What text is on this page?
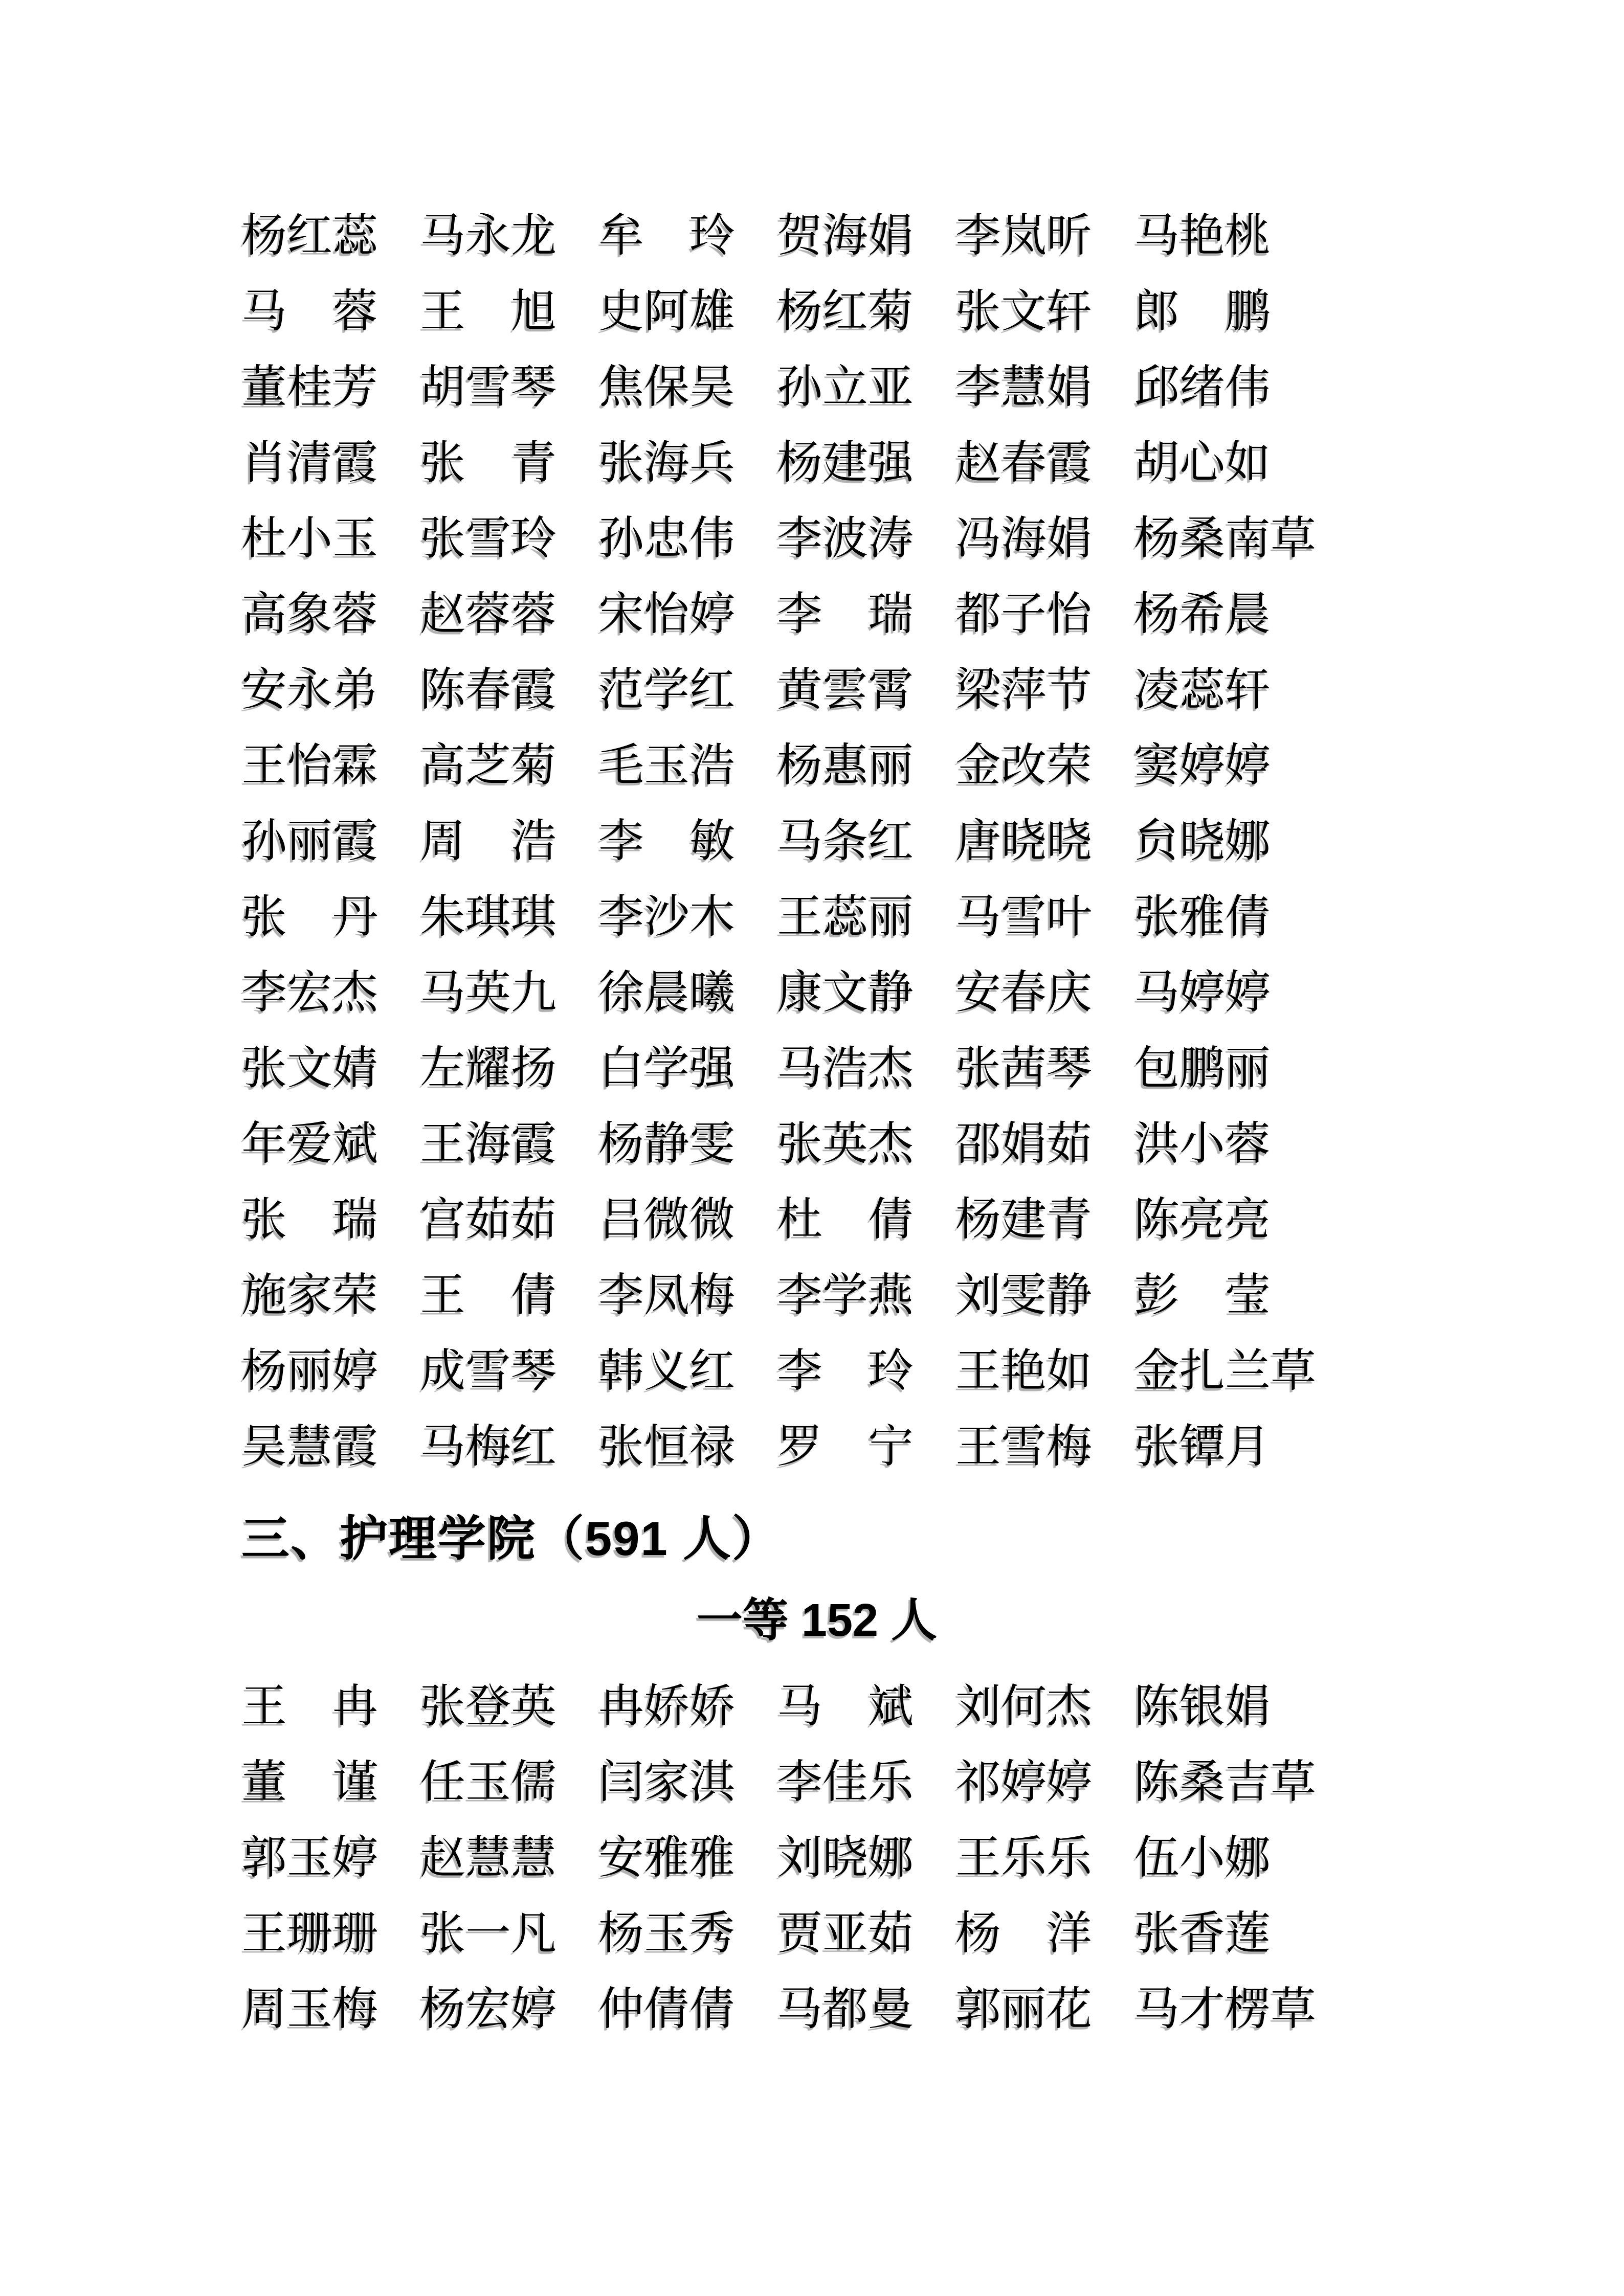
杨红蕊 马永龙 牟 玲 贺海娟 李岚昕 马艳桃
马 蓉 王 旭 史阿雄 杨红菊 张文轩 郎 鹏
董桂芳 胡雪琴 焦保吴 孙立亚 李慧娟 邱绪伟
肖清霞 张 青 张海兵 杨建强 赵春霞 胡心如
杜小玉 张雪玲 孙忠伟 李波涛 冯海娟 杨桑南草
高象蓉 赵蓉蓉 宋怡婷 李 瑞 都子怡 杨希晨
安永弟 陈春霞 范学红 黄雲霄 梁萍节 凌蕊轩
王怡霖 高芝菊 毛玉浩 杨惠丽 金改荣 窦婷婷
孙丽霞 周 浩 李 敏 马条红 唐晓晓 贠晓娜
张 丹 朱琪琪 李沙木 王蕊丽 马雪叶 张雅倩
李宏杰 马英九 徐晨曦 康文静 安春庆 马婷婷
张文婧 左耀扬 白学强 马浩杰 张茜琴 包鹏丽
年爱斌 王海霞 杨静雯 张英杰 邵娟茹 洪小蓉
张 瑞 宫茹茹 吕微微 杜 倩 杨建青 陈亮亮
施家荣 王 倩 李凤梅 李学燕 刘雯静 彭 莹
杨丽婷 成雪琴 韩义红 李 玲 王艳如 金扎兰草
吴慧霞 马梅红 张恒禄 罗 宁 王雪梅 张镡月
三、护理学院（591 人）
一等 152 人
王 冉 张登英 冉娇娇 马 斌 刘何杰 陈银娟
董 谨 任玉儒 闫家淇 李佳乐 祁婷婷 陈桑吉草
郭玉婷 赵慧慧 安雅雅 刘晓娜 王乐乐 伍小娜
王珊珊 张一凡 杨玉秀 贾亚茹 杨 洋 张香莲
周玉梅 杨宏婷 仲倩倩 马都曼 郭丽花 马才楞草
